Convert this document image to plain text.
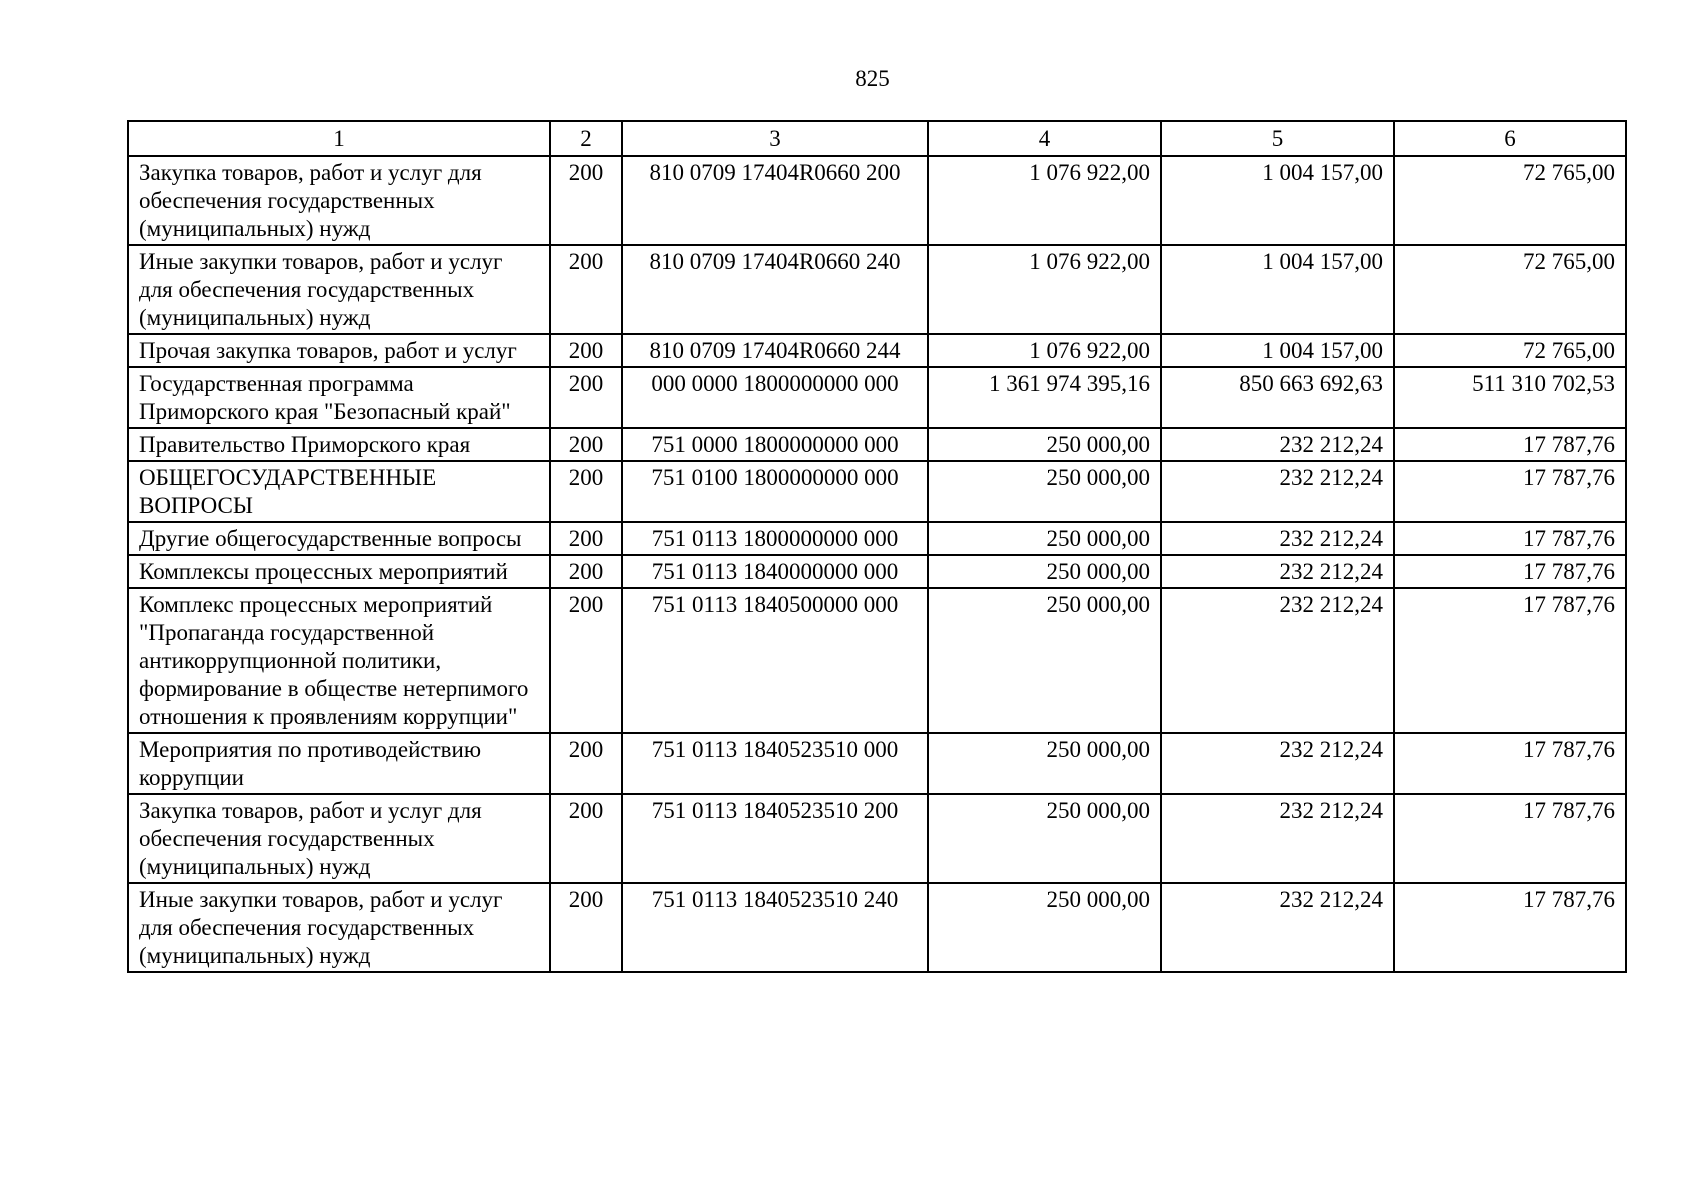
825
1	2	3	4	5	6
Закупка товаров, работ и услуг для обеспечения государственных (муниципальных) нужд	200	810 0709 17404R0660 200	1 076 922,00	1 004 157,00	72 765,00
Иные закупки товаров, работ и услуг для обеспечения государственных (муниципальных) нужд	200	810 0709 17404R0660 240	1 076 922,00	1 004 157,00	72 765,00
Прочая закупка товаров, работ и услуг	200	810 0709 17404R0660 244	1 076 922,00	1 004 157,00	72 765,00
Государственная программа Приморского края "Безопасный край"	200	000 0000 1800000000 000	1 361 974 395,16	850 663 692,63	511 310 702,53
Правительство Приморского края	200	751 0000 1800000000 000	250 000,00	232 212,24	17 787,76
ОБЩЕГОСУДАРСТВЕННЫЕ ВОПРОСЫ	200	751 0100 1800000000 000	250 000,00	232 212,24	17 787,76
Другие общегосударственные вопросы	200	751 0113 1800000000 000	250 000,00	232 212,24	17 787,76
Комплексы процессных мероприятий	200	751 0113 1840000000 000	250 000,00	232 212,24	17 787,76
Комплекс процессных мероприятий "Пропаганда государственной антикоррупционной политики, формирование в обществе нетерпимого отношения к проявлениям коррупции"	200	751 0113 1840500000 000	250 000,00	232 212,24	17 787,76
Мероприятия по противодействию коррупции	200	751 0113 1840523510 000	250 000,00	232 212,24	17 787,76
Закупка товаров, работ и услуг для обеспечения государственных (муниципальных) нужд	200	751 0113 1840523510 200	250 000,00	232 212,24	17 787,76
Иные закупки товаров, работ и услуг для обеспечения государственных (муниципальных) нужд	200	751 0113 1840523510 240	250 000,00	232 212,24	17 787,76
